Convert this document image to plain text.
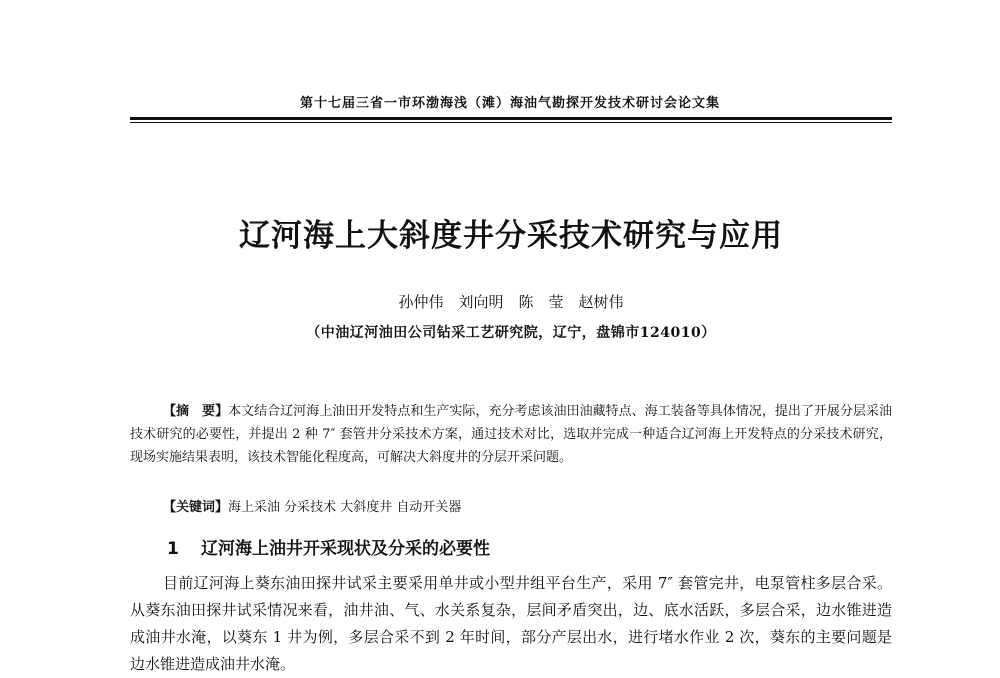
第十七届三省一市环渤海浅（滩）海油气勘探开发技术研讨会论文集
辽河海上大斜度井分采技术研究与应用
孙仲伟　刘向明　陈　莹　赵树伟
（中油辽河油田公司钻采工艺研究院，辽宁，盘锦市124010）
【摘　要】本文结合辽河海上油田开发特点和生产实际，充分考虑该油田油藏特点、海工装备等具体情况，提出了开展分层采油技术研究的必要性，并提出 2 种 7″ 套管井分采技术方案，通过技术对比，选取并完成一种适合辽河海上开发特点的分采技术研究，现场实施结果表明，该技术智能化程度高，可解决大斜度井的分层开采问题。
【关键词】海上采油 分采技术 大斜度井 自动开关器
1 辽河海上油井开采现状及分采的必要性
目前辽河海上葵东油田探井试采主要采用单井或小型井组平台生产，采用 7″ 套管完井，电泵管柱多层合采。从葵东油田探井试采情况来看，油井油、气、水关系复杂，层间矛盾突出，边、底水活跃，多层合采，边水锥进造成油井水淹，以葵东 1 井为例，多层合采不到 2 年时间，部分产层出水，进行堵水作业 2 次，葵东的主要问题是边水锥进造成油井水淹。
